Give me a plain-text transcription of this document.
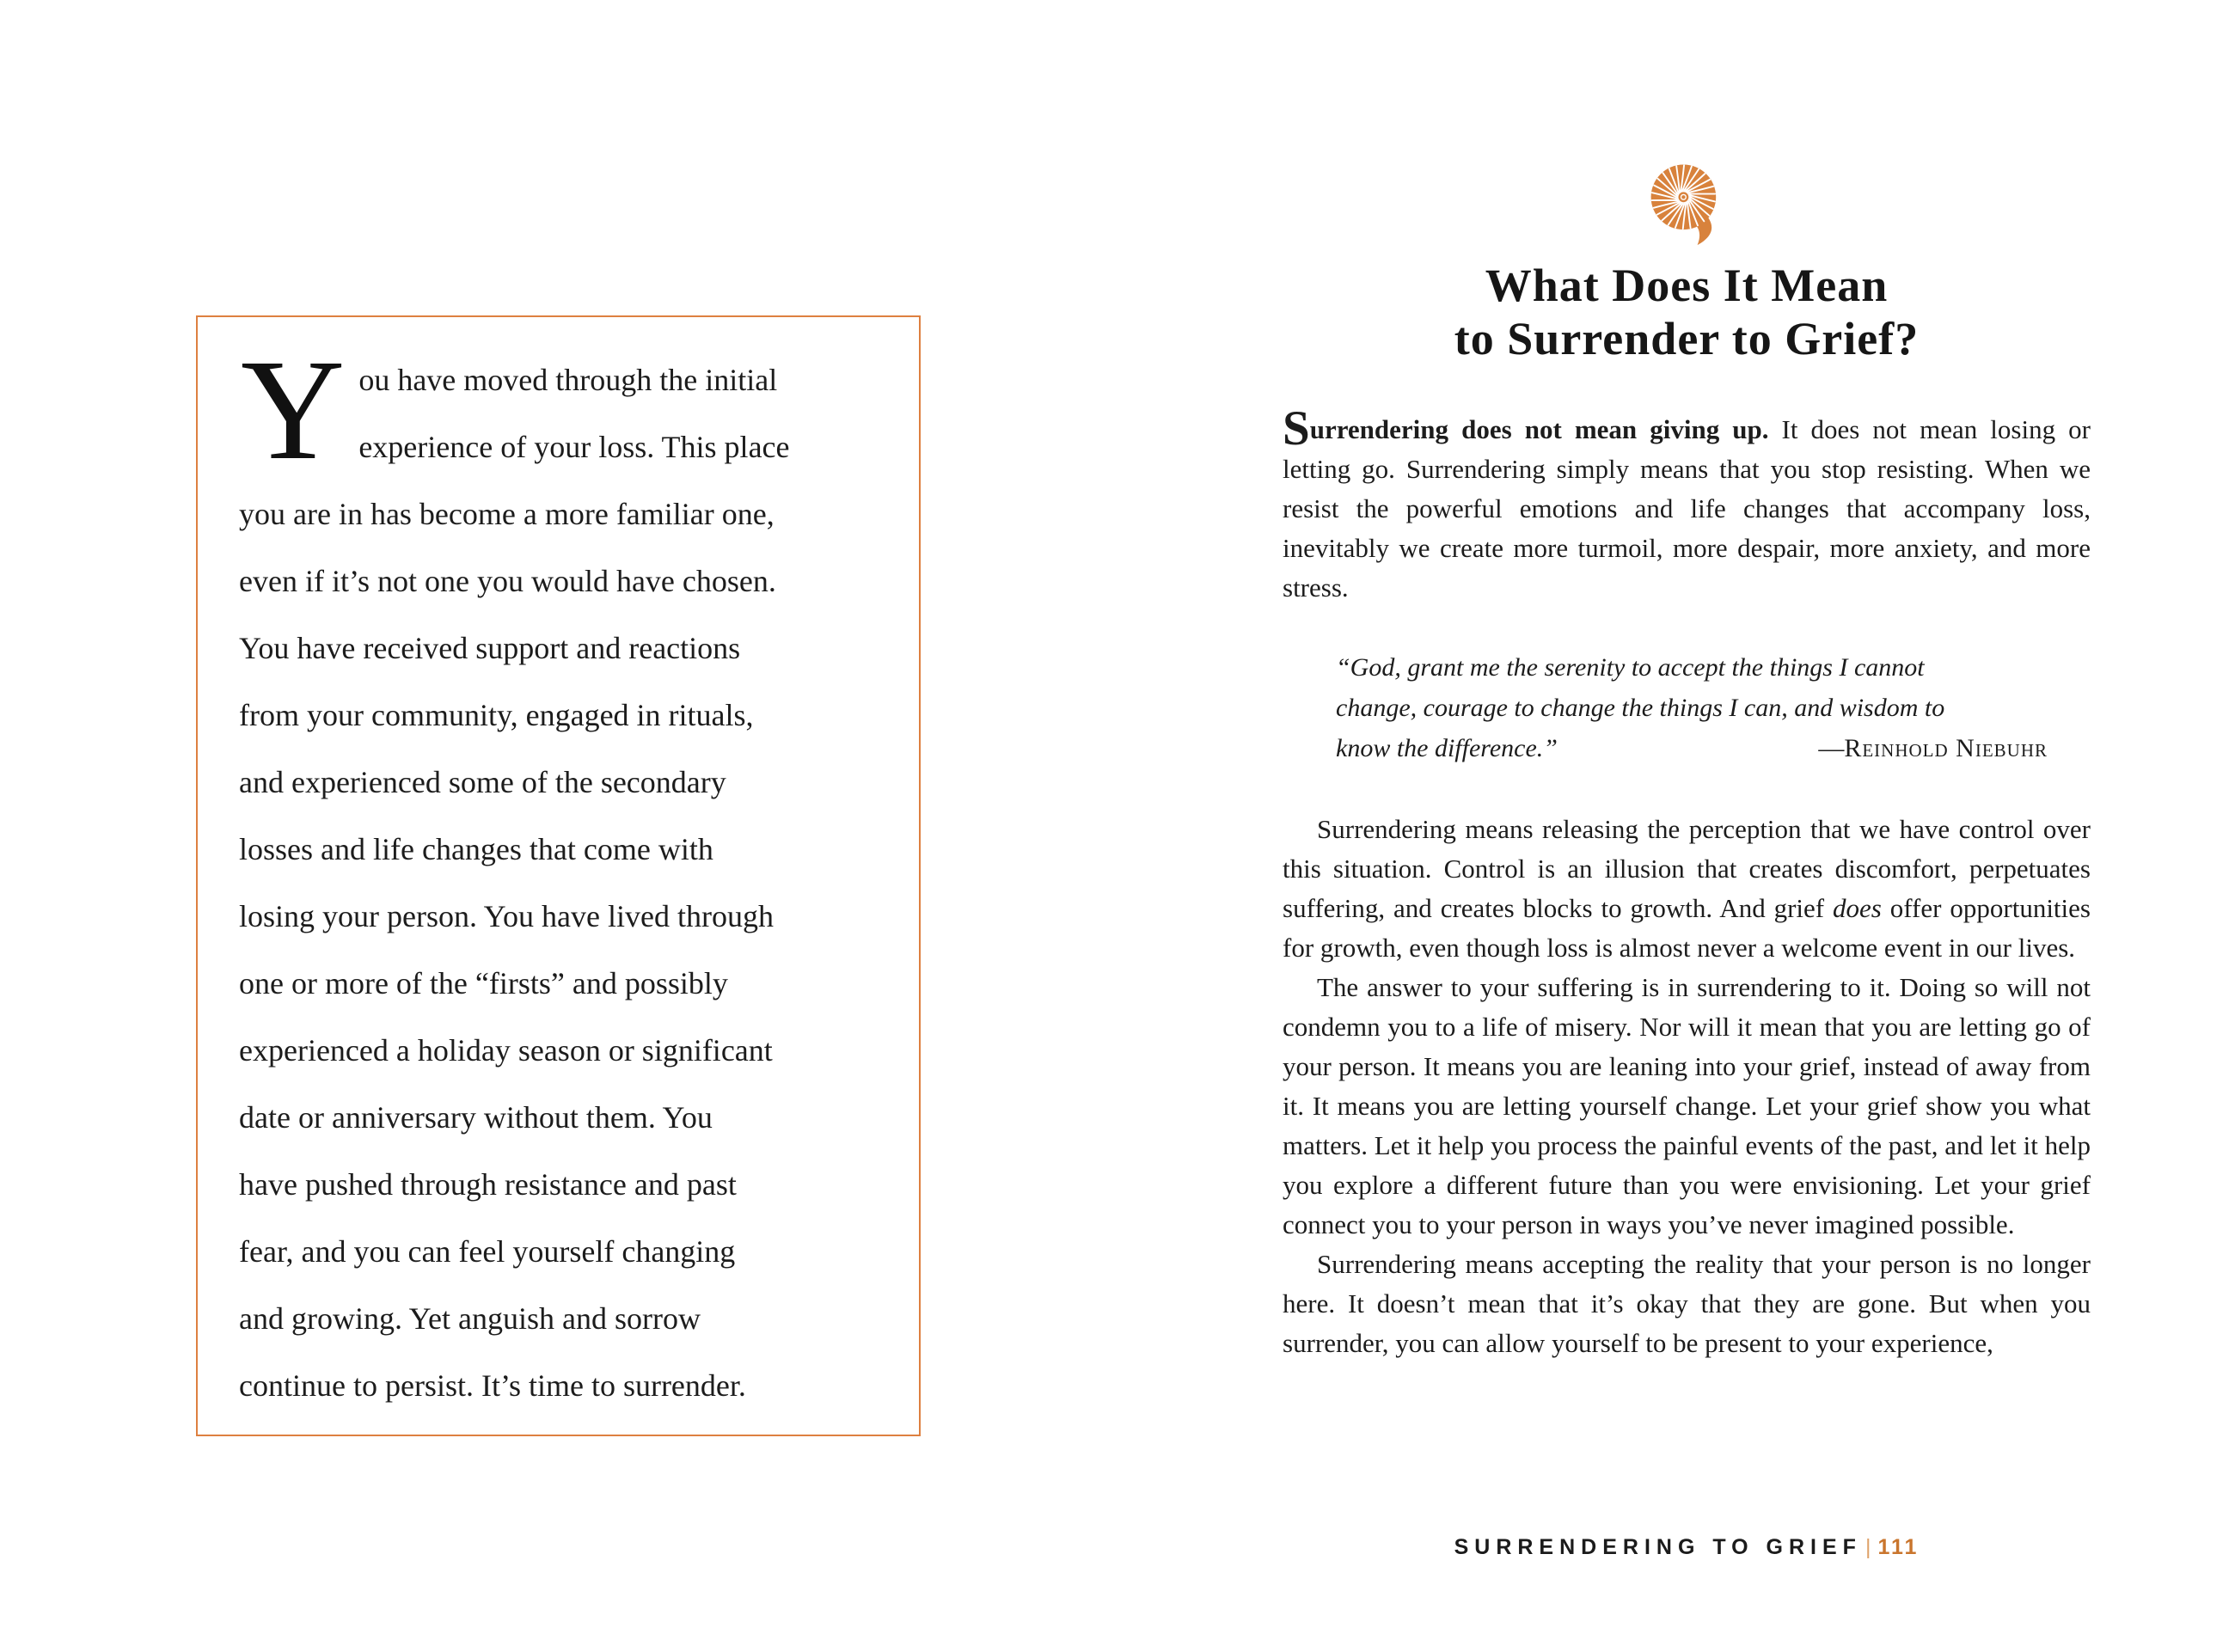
You have moved through the initial
experience of your loss. This place
you are in has become a more familiar one,
even if it’s not one you would have chosen.
You have received support and reactions
from your community, engaged in rituals,
and experienced some of the secondary
losses and life changes that come with
losing your person. You have lived through
one or more of the “firsts” and possibly
experienced a holiday season or significant
date or anniversary without them. You
have pushed through resistance and past
fear, and you can feel yourself changing
and growing. Yet anguish and sorrow
continue to persist. It’s time to surrender.
What Does It Mean
to Surrender to Grief?

Surrendering does not mean giving up. It does not mean losing or letting go. Surrendering simply means that you stop resisting. When we resist the powerful emotions and life changes that accompany loss, inevitably we create more turmoil, more despair, more anxiety, and more stress.

“God, grant me the serenity to accept the things I cannot
change, courage to change the things I can, and wisdom to
know the difference.”	—Reinhold Niebuhr

Surrendering means releasing the perception that we have control over this situation. Control is an illusion that creates discomfort, perpetuates suffering, and creates blocks to growth. And grief does offer opportunities for growth, even though loss is almost never a welcome event in our lives.

The answer to your suffering is in surrendering to it. Doing so will not condemn you to a life of misery. Nor will it mean that you are letting go of your person. It means you are leaning into your grief, instead of away from it. It means you are letting yourself change. Let your grief show you what matters. Let it help you process the painful events of the past, and let it help you explore a different future than you were envisioning. Let your grief connect you to your person in ways you’ve never imagined possible.

Surrendering means accepting the reality that your person is no longer here. It doesn’t mean that it’s okay that they are gone. But when you surrender, you can allow yourself to be present to your experience,

SURRENDERING TO GRIEF | 111
